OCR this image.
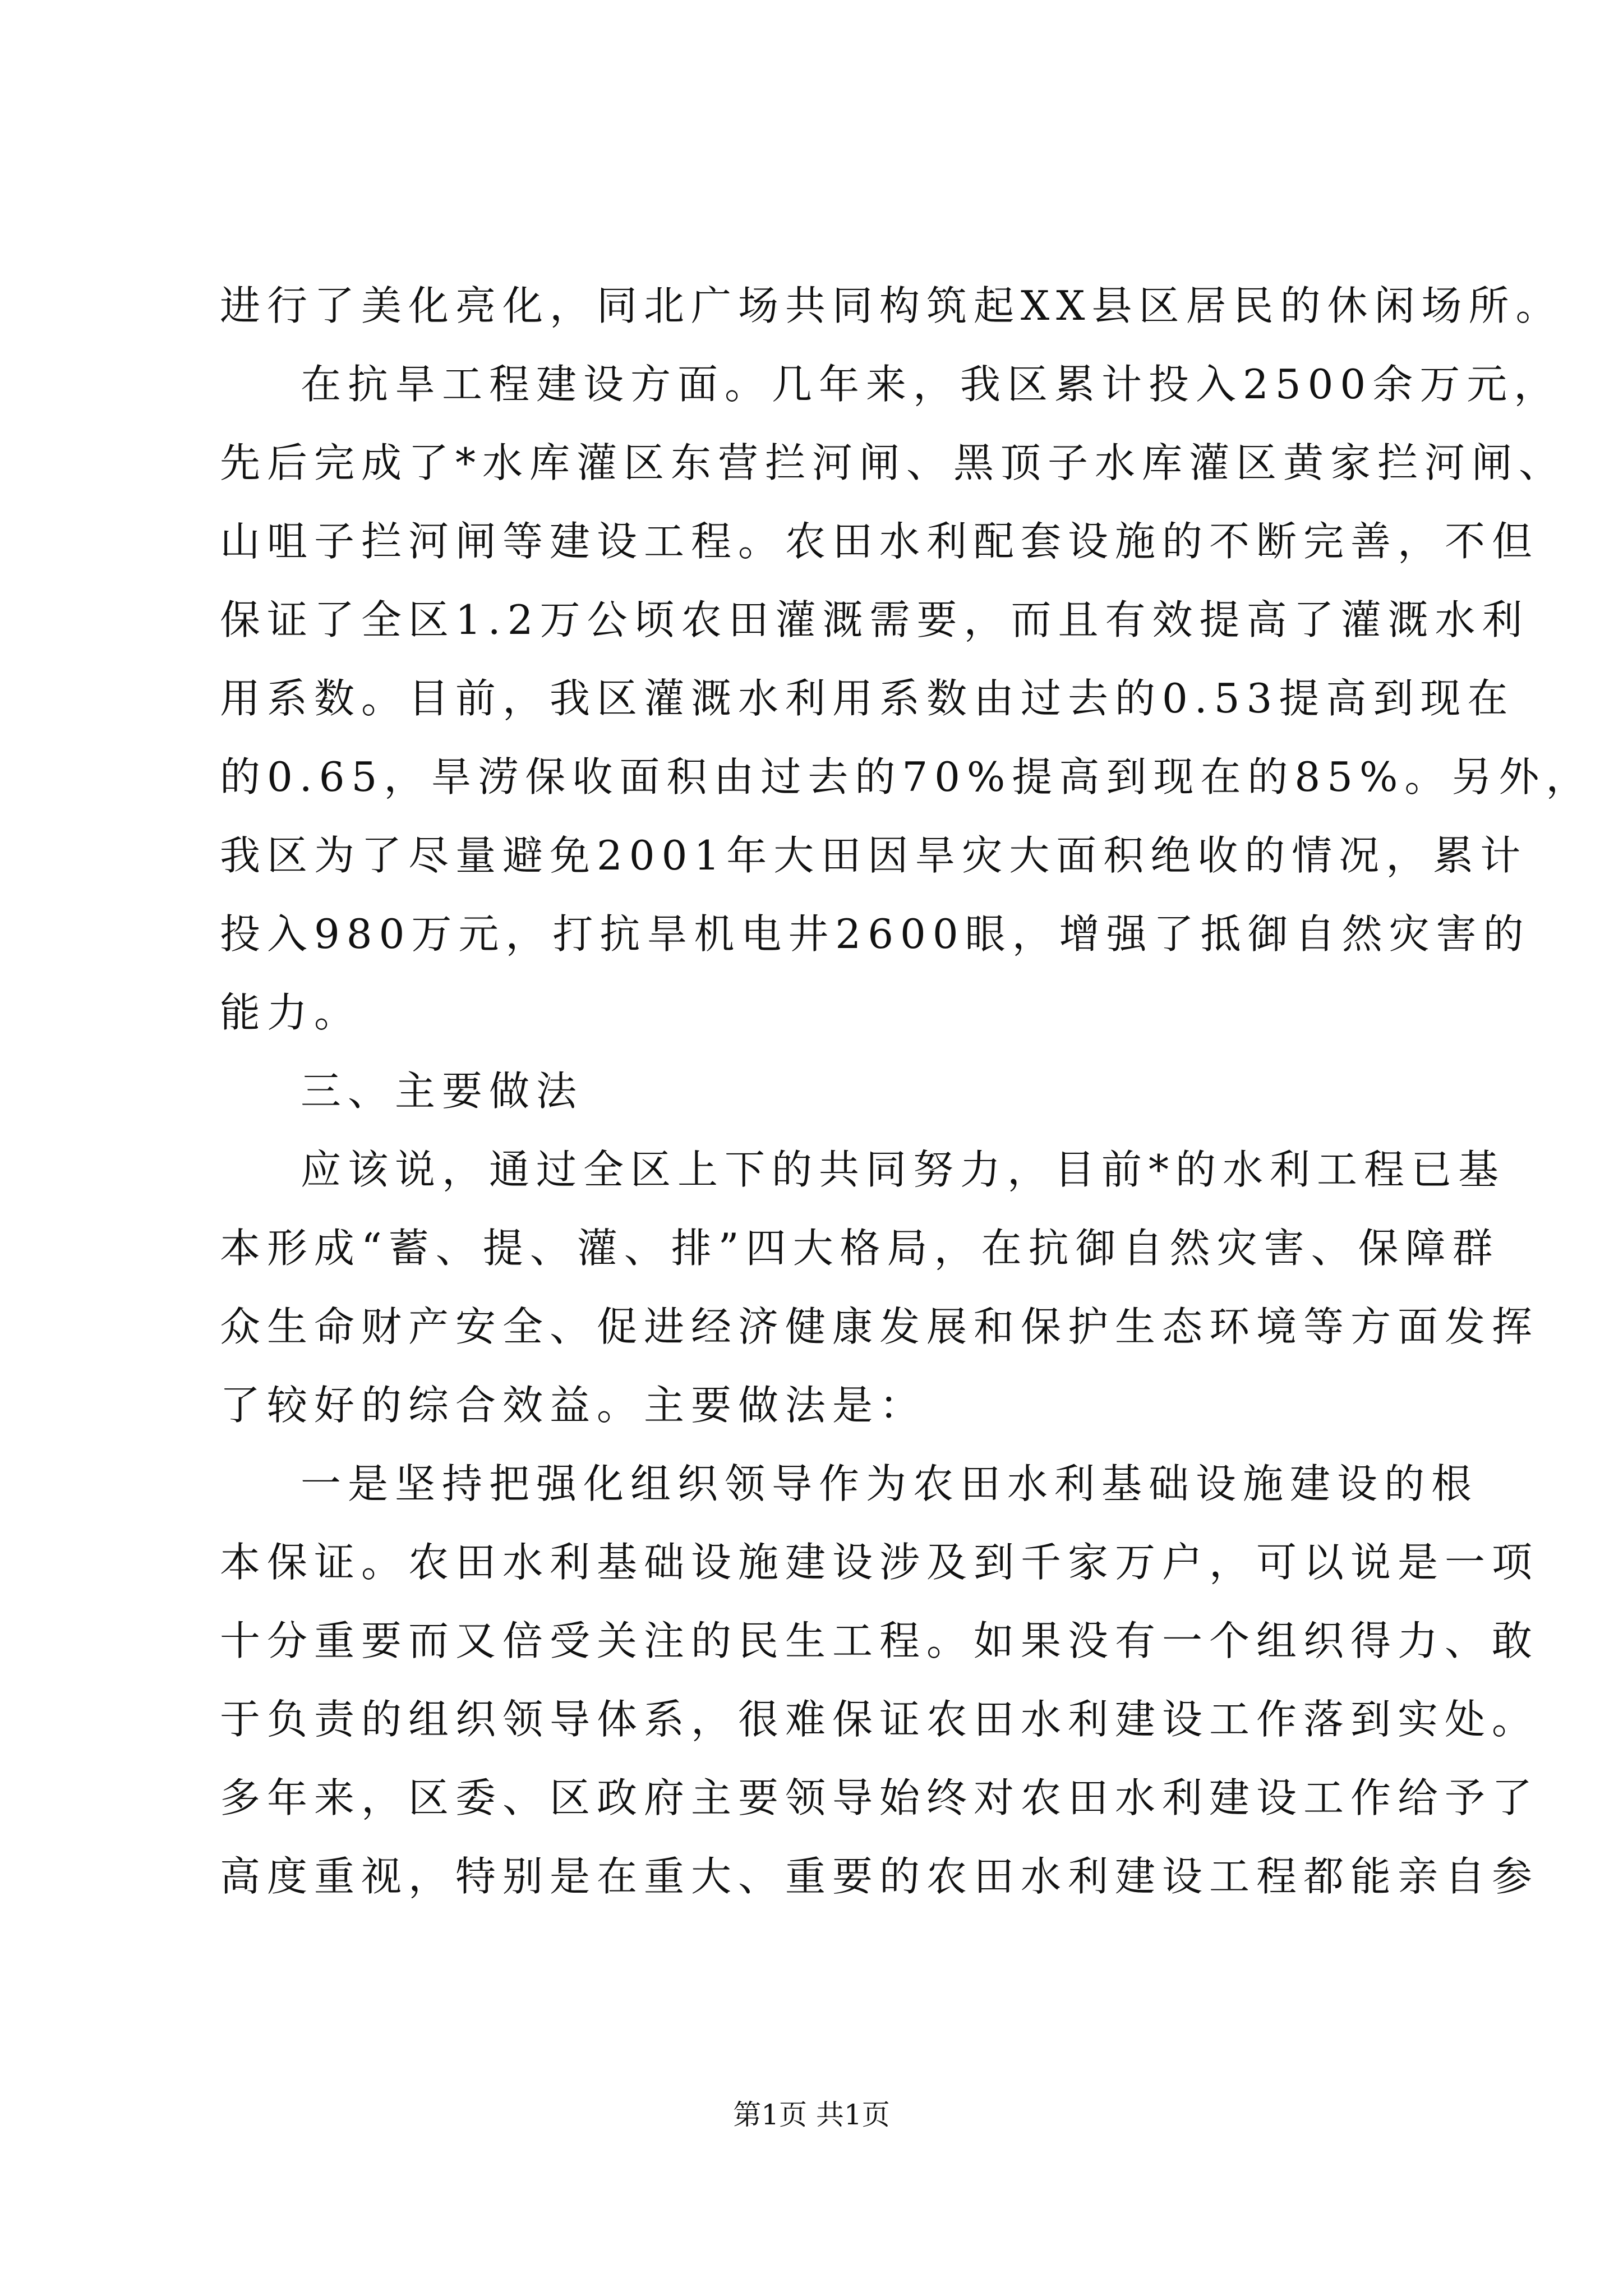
进行了美化亮化，同北广场共同构筑起XX县区居民的休闲场所。
在抗旱工程建设方面。几年来，我区累计投入2500余万元，
先后完成了*水库灌区东营拦河闸、黑顶子水库灌区黄家拦河闸、
山咀子拦河闸等建设工程。农田水利配套设施的不断完善，不但
保证了全区1.2万公顷农田灌溉需要，而且有效提高了灌溉水利
用系数。目前，我区灌溉水利用系数由过去的0.53提高到现在
的0.65，旱涝保收面积由过去的70%提高到现在的85%。另外，
我区为了尽量避免2001年大田因旱灾大面积绝收的情况，累计
投入980万元，打抗旱机电井2600眼，增强了抵御自然灾害的
能力。
三、主要做法
应该说，通过全区上下的共同努力，目前*的水利工程已基
本形成“蓄、提、灌、排”四大格局，在抗御自然灾害、保障群
众生命财产安全、促进经济健康发展和保护生态环境等方面发挥
了较好的综合效益。主要做法是：
一是坚持把强化组织领导作为农田水利基础设施建设的根
本保证。农田水利基础设施建设涉及到千家万户，可以说是一项
十分重要而又倍受关注的民生工程。如果没有一个组织得力、敢
于负责的组织领导体系，很难保证农田水利建设工作落到实处。
多年来，区委、区政府主要领导始终对农田水利建设工作给予了
高度重视，特别是在重大、重要的农田水利建设工程都能亲自参
第1页 共1页
